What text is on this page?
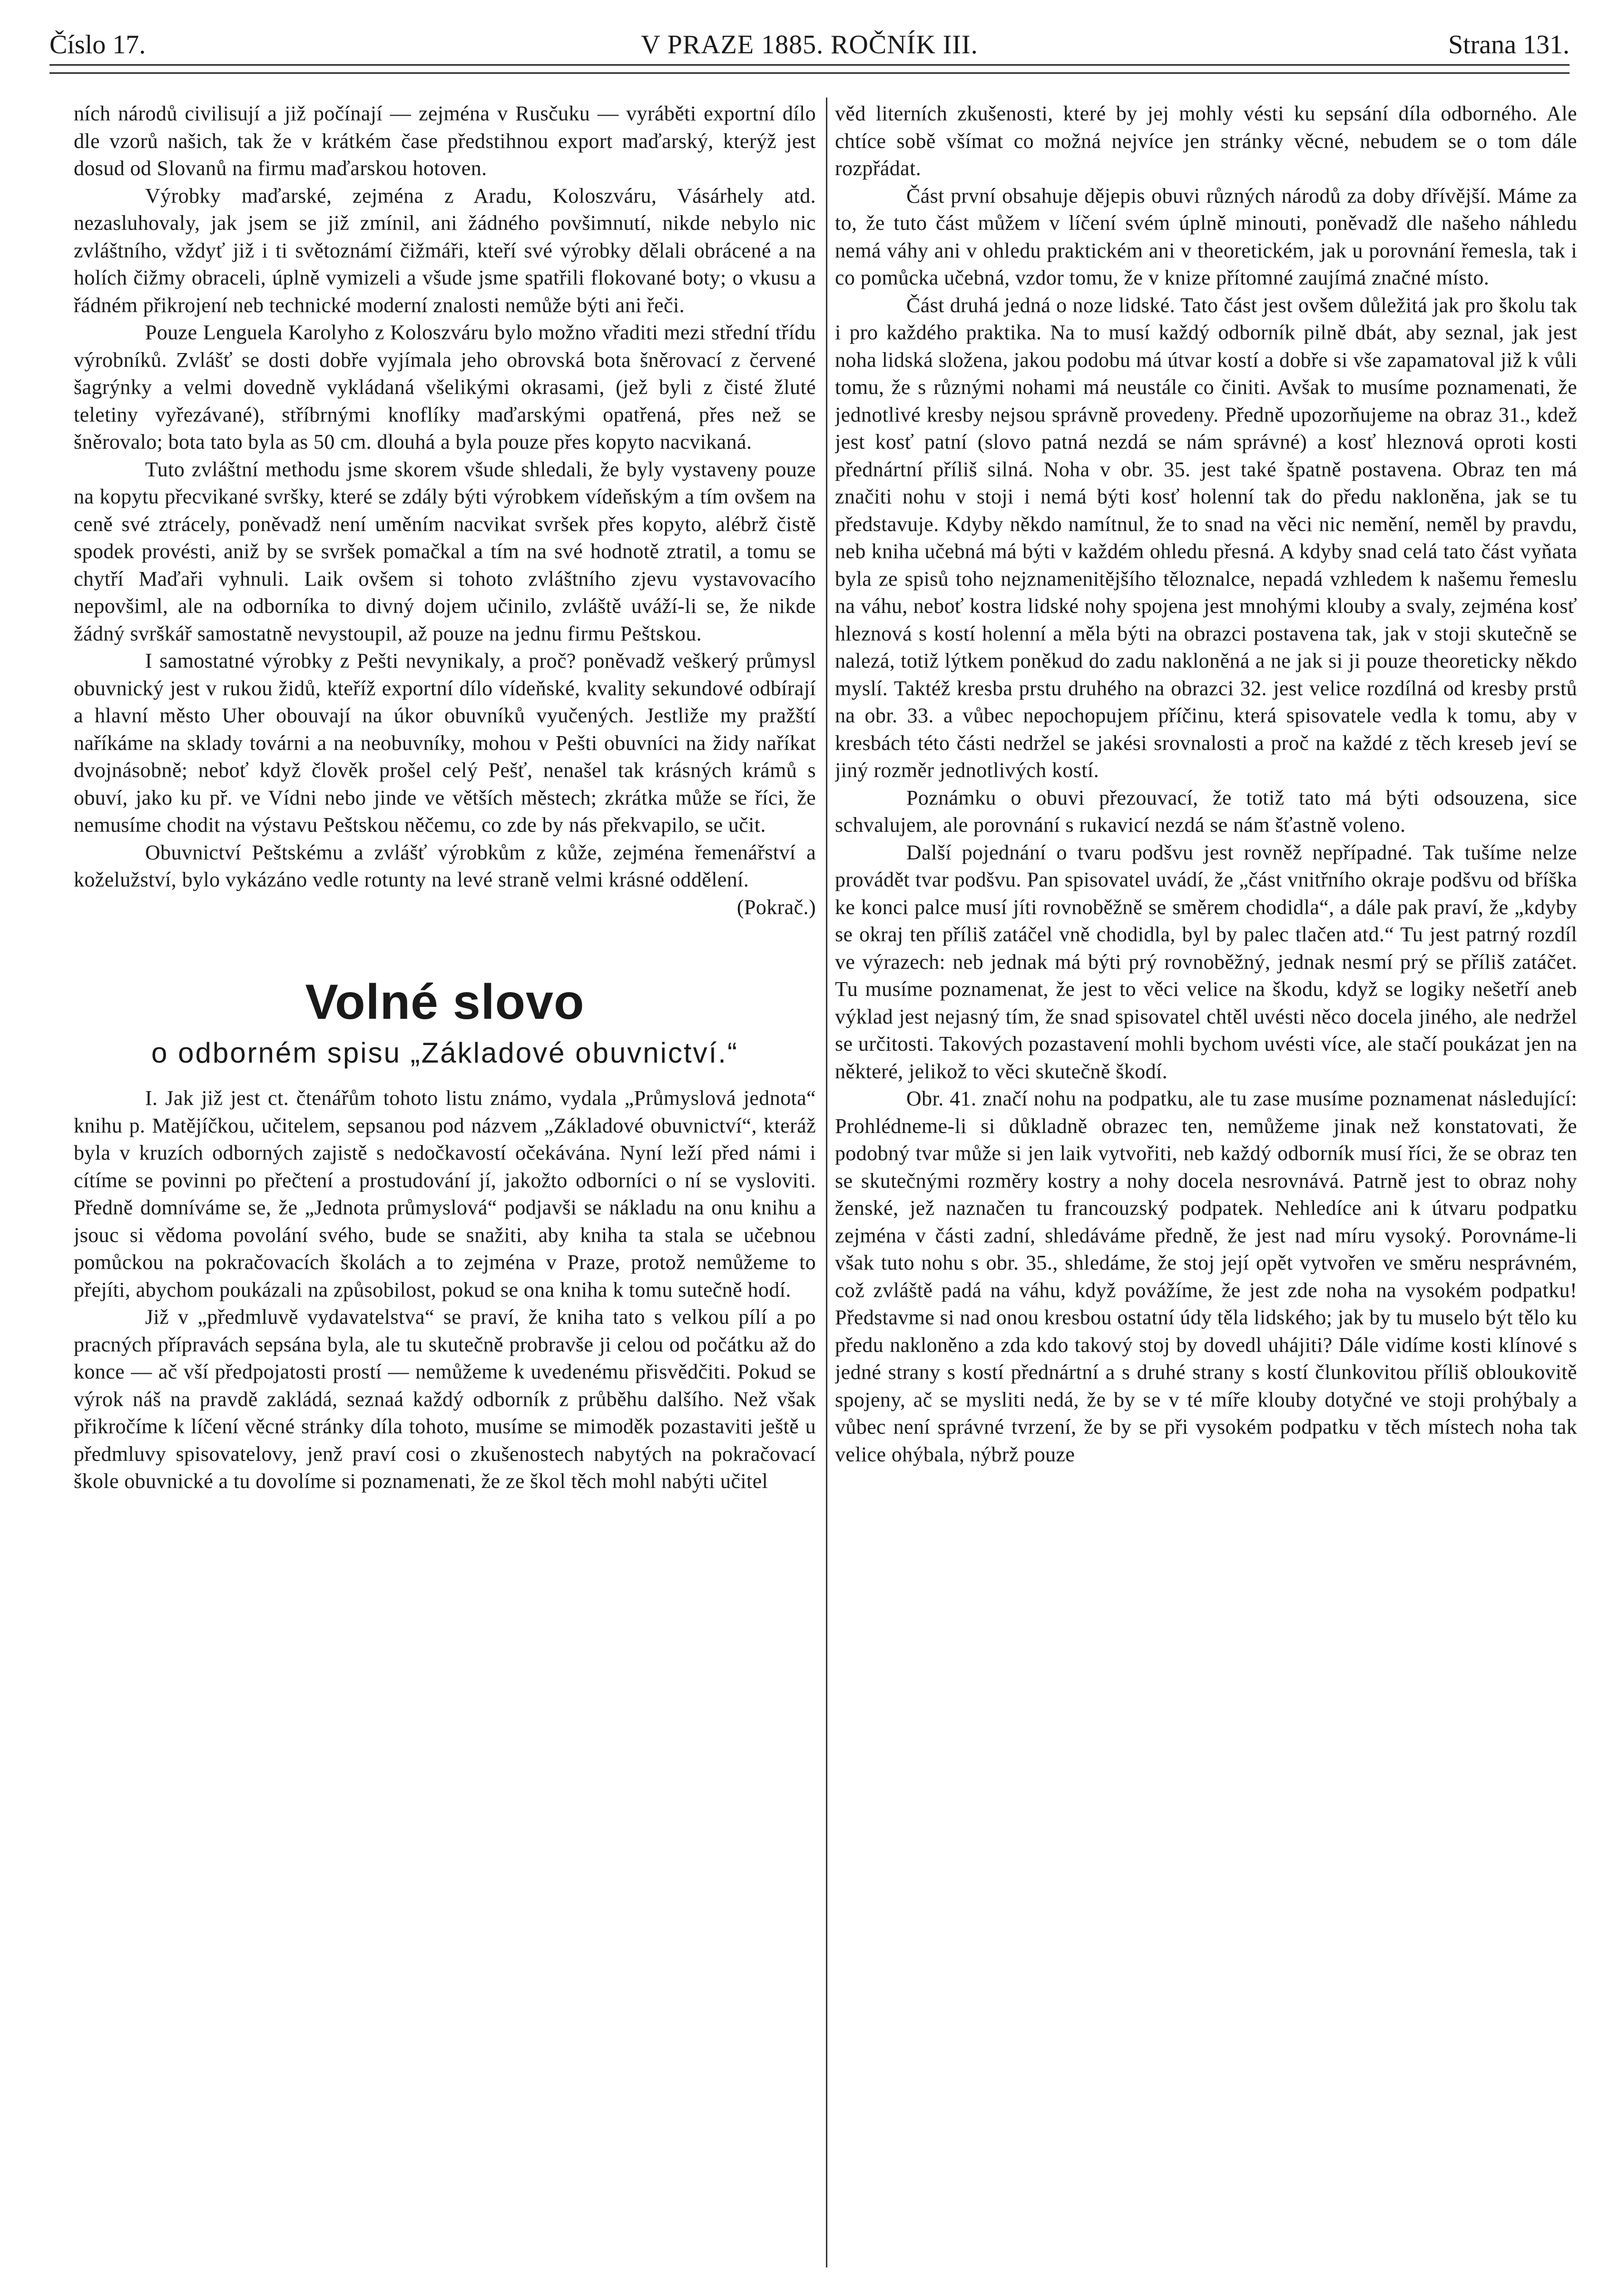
Číslo 17.	V PRAZE 1885. ROČNÍK III.	Strana 131.

ních národů civilisují a již počínají — zejména v Rusčuku — vyráběti exportní dílo dle vzorů našich, tak že v krátkém čase předstihnou export maďarský, kterýž jest dosud od Slovanů na firmu maďarskou hotoven.

Výrobky maďarské, zejména z Aradu, Koloszváru, Vásárhely atd. nezasluhovaly, jak jsem se již zmínil, ani žádného povšimnutí, nikde nebylo nic zvláštního, vždyť již i ti světoznámí čižmáři, kteří své výrobky dělali obrácené a na holích čižmy obraceli, úplně vymizeli a všude jsme spatřili flokované boty; o vkusu a řádném přikrojení neb technické moderní znalosti nemůže býti ani řeči.

Pouze Lenguela Karolyho z Koloszváru bylo možno vřaditi mezi střední třídu výrobníků. Zvlášť se dosti dobře vyjímala jeho obrovská bota šněrovací z červené šagrýnky a velmi dovedně vykládaná všelikými okrasami, (jež byli z čisté žluté teletiny vyřezávané), stříbrnými knoflíky maďarskými opatřená, přes než se šněrovalo; bota tato byla as 50 cm. dlouhá a byla pouze přes kopyto nacvikaná.

Tuto zvláštní methodu jsme skorem všude shledali, že byly vystaveny pouze na kopytu přecvikané svršky, které se zdály býti výrobkem vídeňským a tím ovšem na ceně své ztrácely, poněvadž není uměním nacvikat svršek přes kopyto, alébrž čistě spodek provésti, aniž by se svršek pomačkal a tím na své hodnotě ztratil, a tomu se chytří Maďaři vyhnuli. Laik ovšem si tohoto zvláštního zjevu vystavovacího nepovšiml, ale na odborníka to divný dojem učinilo, zvláště uváží-li se, že nikde žádný svrškář samostatně nevystoupil, až pouze na jednu firmu Peštskou.

I samostatné výrobky z Pešti nevynikaly, a proč? poněvadž veškerý průmysl obuvnický jest v rukou židů, kteříž exportní dílo vídeňské, kvality sekundové odbírají a hlavní město Uher obouvají na úkor obuvníků vyučených. Jestliže my pražští naříkáme na sklady továrni a na neobuvníky, mohou v Pešti obuvníci na židy naříkat dvojnásobně; neboť když člověk prošel celý Pešť, nenašel tak krásných krámů s obuví, jako ku př. ve Vídni nebo jinde ve větších městech; zkrátka může se říci, že nemusíme chodit na výstavu Peštskou něčemu, co zde by nás překvapilo, se učit.

Obuvnictví Peštskému a zvlášť výrobkům z kůže, zejména řemenářství a koželužství, bylo vykázáno vedle rotunty na levé straně velmi krásné oddělení.

(Pokrač.)
Volné slovo
o odborném spisu „Základové obuvnictví.“

I. Jak již jest ct. čtenářům tohoto listu známo, vydala „Průmyslová jednota“ knihu p. Matějíčkou, učitelem, sepsanou pod názvem „Základové obuvnictví“, kteráž byla v kruzích odborných zajistě s nedočkavostí očekávána. Nyní leží před námi i cítíme se povinni po přečtení a prostudování jí, jakožto odborníci o ní se vysloviti. Předně domníváme se, že „Jednota průmyslová“ podjavši se nákladu na onu knihu a jsouc si vědoma povolání svého, bude se snažiti, aby kniha ta stala se učebnou pomůckou na pokračovacích školách a to zejména v Praze, protož nemůžeme to přejíti, abychom poukázali na způsobilost, pokud se ona kniha k tomu sutečně hodí.

Již v „předmluvě vydavatelstva“ se praví, že kniha tato s velkou pílí a po pracných přípravách sepsána byla, ale tu skutečně probravše ji celou od počátku až do konce — ač vší předpojatosti prostí — nemůžeme k uvedenému přisvědčiti. Pokud se výrok náš na pravdě zakládá, seznaá každý odborník z průběhu dalšího. Než však přikročíme k líčení věcné stránky díla tohoto, musíme se mimoděk pozastaviti ještě u předmluvy spisovatelovy, jenž praví cosi o zkušenostech nabytých na pokračovací škole obuvnické a tu dovolíme si poznamenati, že ze škol těch mohl nabýti učitel

věd literních zkušenosti, které by jej mohly vésti ku sepsání díla odborného. Ale chtíce sobě všímat co možná nejvíce jen stránky věcné, nebudem se o tom dále rozpřádat.

Část první obsahuje dějepis obuvi různých národů za doby dřívější. Máme za to, že tuto část můžem v líčení svém úplně minouti, poněvadž dle našeho náhledu nemá váhy ani v ohledu praktickém ani v theoretickém, jak u porovnání řemesla, tak i co pomůcka učebná, vzdor tomu, že v knize přítomné zaujímá značné místo.

Část druhá jedná o noze lidské. Tato část jest ovšem důležitá jak pro školu tak i pro každého praktika. Na to musí každý odborník pilně dbát, aby seznal, jak jest noha lidská složena, jakou podobu má útvar kostí a dobře si vše zapamatoval již k vůli tomu, že s různými nohami má neustále co činiti. Avšak to musíme poznamenati, že jednotlivé kresby nejsou správně provedeny. Předně upozorňujeme na obraz 31., kdež jest kosť patní (slovo patná nezdá se nám správné) a kosť hleznová oproti kosti přednártní příliš silná. Noha v obr. 35. jest také špatně postavena. Obraz ten má značiti nohu v stoji i nemá býti kosť holenní tak do předu nakloněna, jak se tu představuje. Kdyby někdo namítnul, že to snad na věci nic nemění, neměl by pravdu, neb kniha učebná má býti v každém ohledu přesná. A kdyby snad celá tato část vyňata byla ze spisů toho nejznamenitějšího těloznalce, nepadá vzhledem k našemu řemeslu na váhu, neboť kostra lidské nohy spojena jest mnohými klouby a svaly, zejména kosť hleznová s kostí holenní a měla býti na obrazci postavena tak, jak v stoji skutečně se nalezá, totiž lýtkem poněkud do zadu nakloněná a ne jak si ji pouze theoreticky někdo myslí. Taktéž kresba prstu druhého na obrazci 32. jest velice rozdílná od kresby prstů na obr. 33. a vůbec nepochopujem příčinu, která spisovatele vedla k tomu, aby v kresbách této části nedržel se jakési srovnalosti a proč na každé z těch kreseb jeví se jiný rozměr jednotlivých kostí.

Poznámku o obuvi přezouvací, že totiž tato má býti odsouzena, sice schvalujem, ale porovnání s rukavicí nezdá se nám šťastně voleno.

Další pojednání o tvaru podšvu jest rovněž nepřípadné. Tak tušíme nelze provádět tvar podšvu. Pan spisovatel uvádí, že „část vnitřního okraje podšvu od bříška ke konci palce musí jíti rovnoběžně se směrem chodidla“, a dále pak praví, že „kdyby se okraj ten příliš zatáčel vně chodidla, byl by palec tlačen atd.“ Tu jest patrný rozdíl ve výrazech: neb jednak má býti prý rovnoběžný, jednak nesmí prý se příliš zatáčet. Tu musíme poznamenat, že jest to věci velice na škodu, když se logiky nešetří aneb výklad jest nejasný tím, že snad spisovatel chtěl uvésti něco docela jiného, ale nedržel se určitosti. Takových pozastavení mohli bychom uvésti více, ale stačí poukázat jen na některé, jelikož to věci skutečně škodí.

Obr. 41. značí nohu na podpatku, ale tu zase musíme poznamenat následující: Prohlédneme-li si důkladně obrazec ten, nemůžeme jinak než konstatovati, že podobný tvar může si jen laik vytvořiti, neb každý odborník musí říci, že se obraz ten se skutečnými rozměry kostry a nohy docela nesrovnává. Patrně jest to obraz nohy ženské, jež naznačen tu francouzský podpatek. Nehledíce ani k útvaru podpatku zejména v části zadní, shledáváme předně, že jest nad míru vysoký. Porovnáme-li však tuto nohu s obr. 35., shledáme, že stoj její opět vytvořen ve směru nesprávném, což zvláště padá na váhu, když povážíme, že jest zde noha na vysokém podpatku! Představme si nad onou kresbou ostatní údy těla lidského; jak by tu muselo být tělo ku předu nakloněno a zda kdo takový stoj by dovedl uhájiti? Dále vidíme kosti klínové s jedné strany s kostí přednártní a s druhé strany s kostí člunkovitou příliš obloukovitě spojeny, ač se mysliti nedá, že by se v té míře klouby dotyčné ve stoji prohýbaly a vůbec není správné tvrzení, že by se při vysokém podpatku v těch místech noha tak velice ohýbala, nýbrž pouze
